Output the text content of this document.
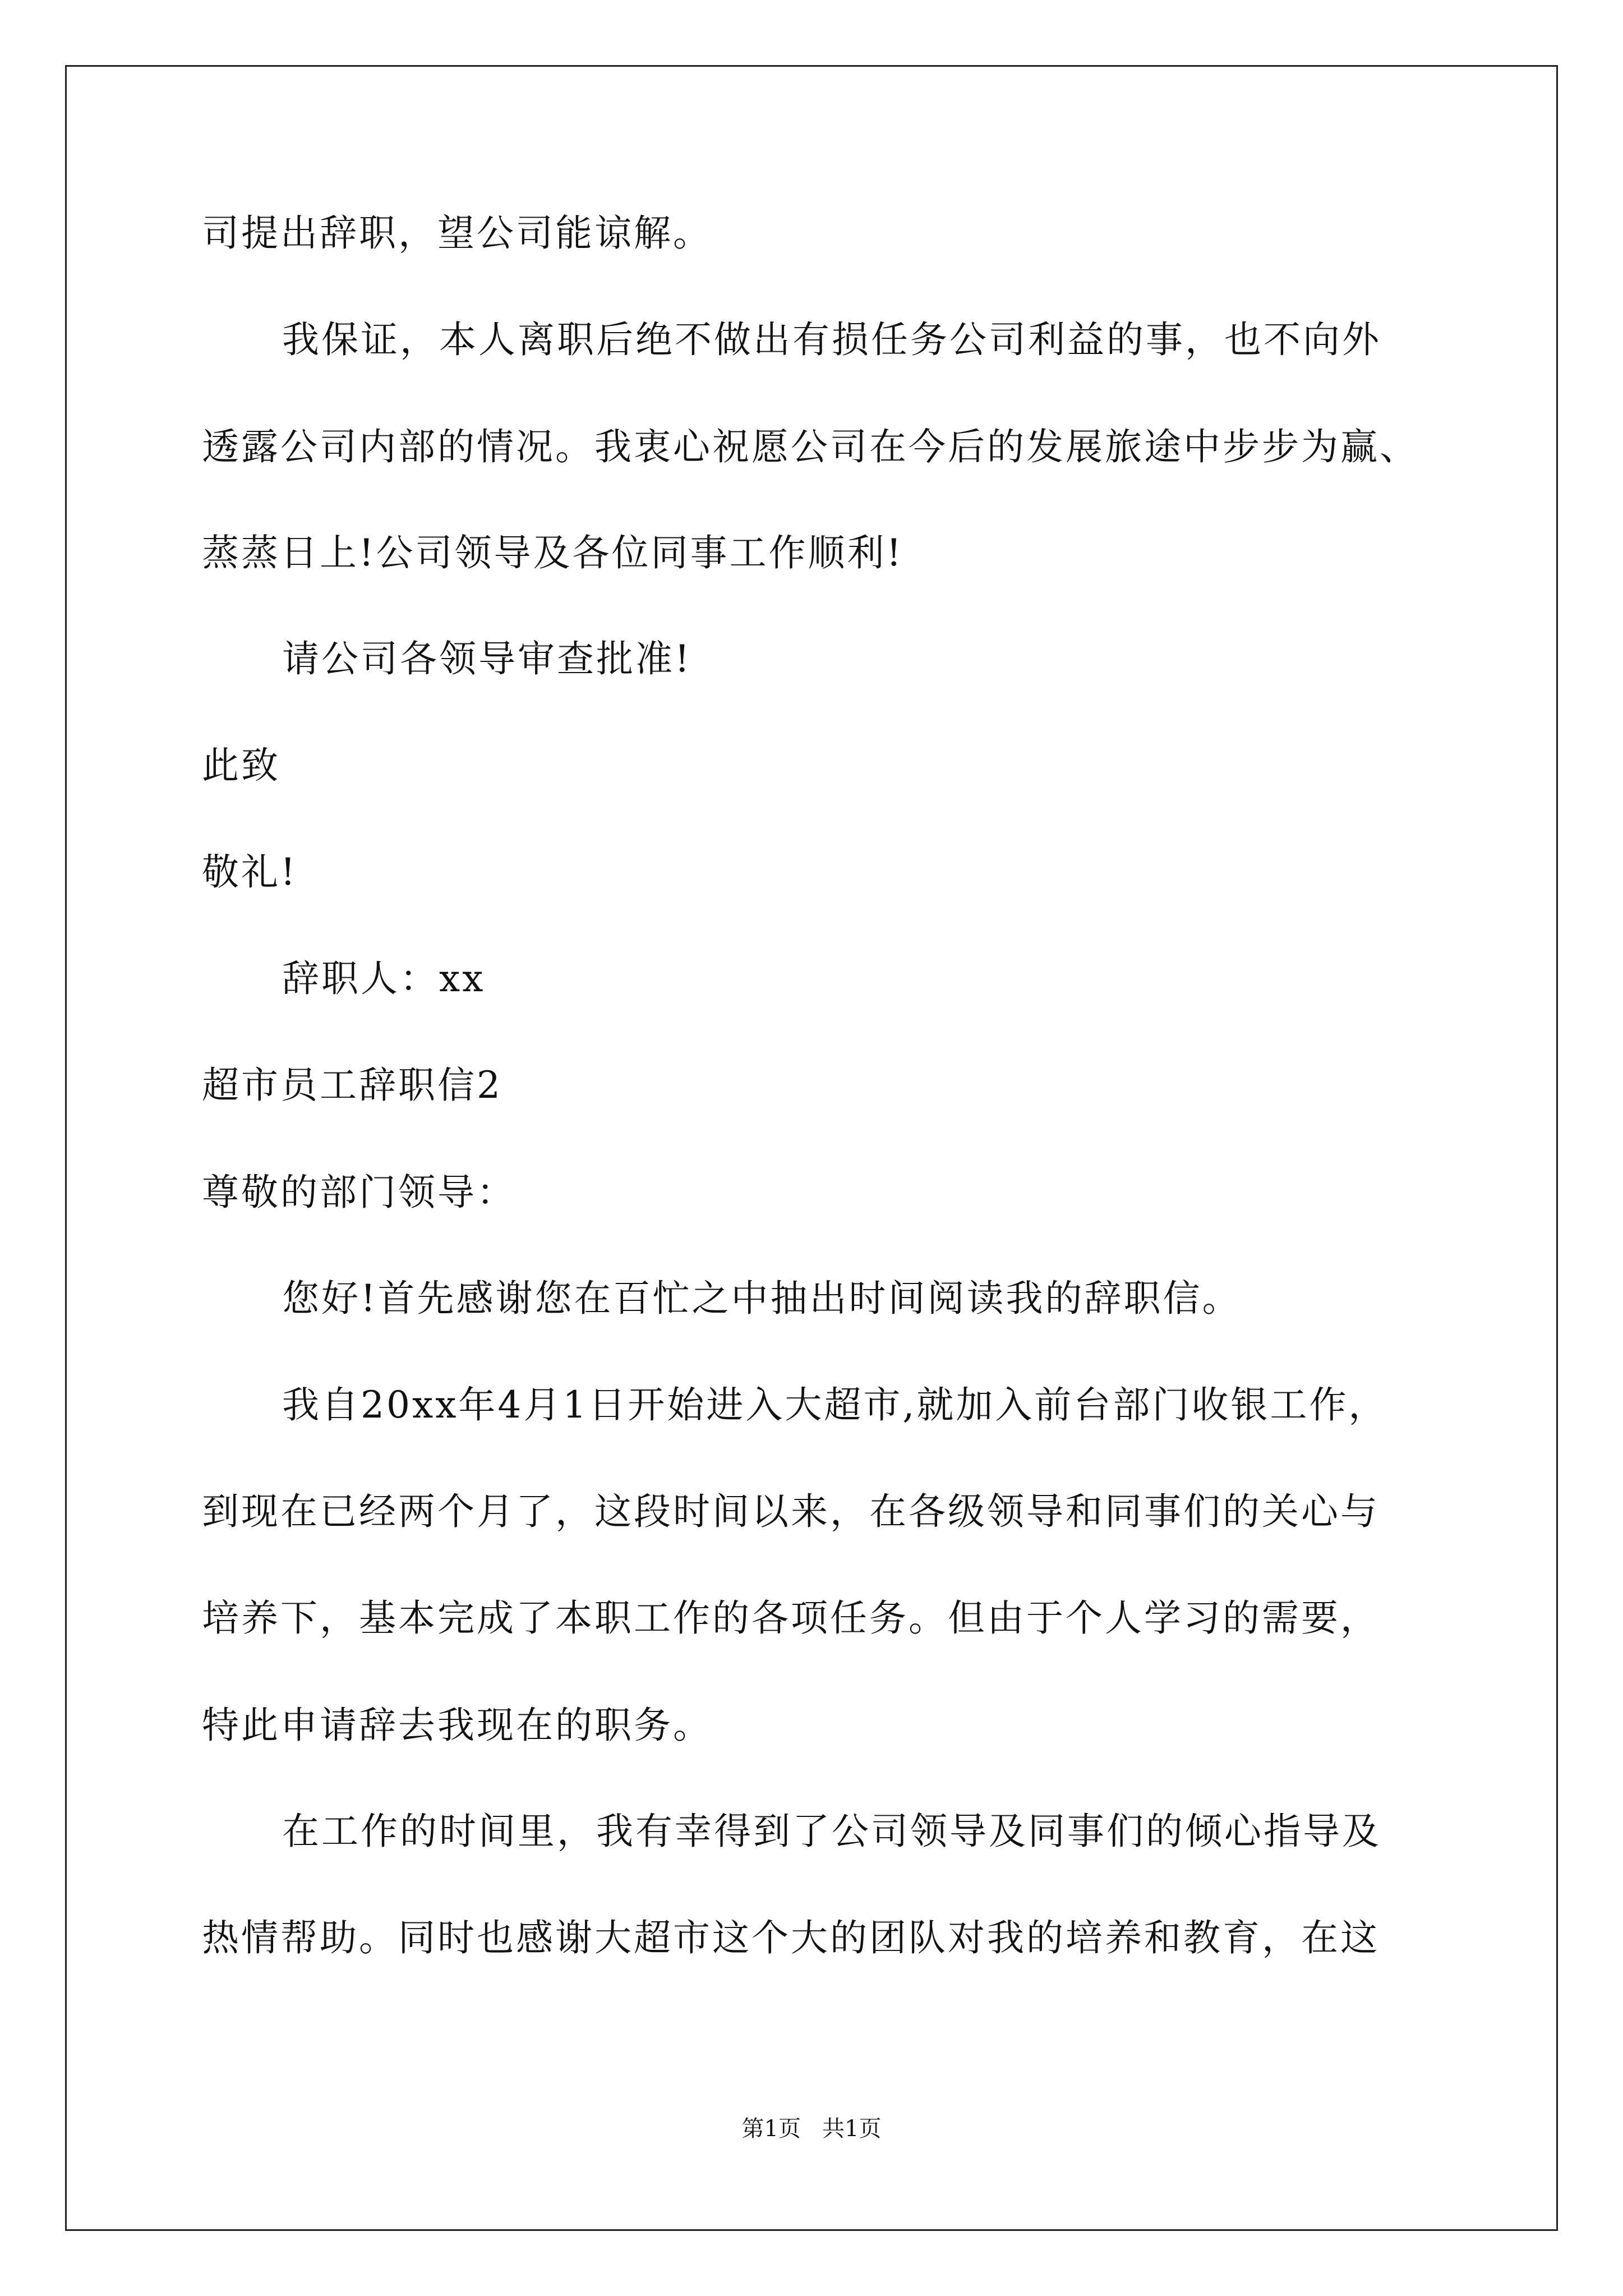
司提出辞职，望公司能谅解。
我保证，本人离职后绝不做出有损任务公司利益的事，也不向外
透露公司内部的情况。我衷心祝愿公司在今后的发展旅途中步步为赢、
蒸蒸日上!公司领导及各位同事工作顺利!
请公司各领导审查批准!
此致
敬礼!
辞职人：xx
超市员工辞职信2
尊敬的部门领导：
您好!首先感谢您在百忙之中抽出时间阅读我的辞职信。
我自20xx年4月1日开始进入大超市,就加入前台部门收银工作，
到现在已经两个月了，这段时间以来，在各级领导和同事们的关心与
培养下，基本完成了本职工作的各项任务。但由于个人学习的需要，
特此申请辞去我现在的职务。
在工作的时间里，我有幸得到了公司领导及同事们的倾心指导及
热情帮助。同时也感谢大超市这个大的团队对我的培养和教育，在这
第1页 共1页
